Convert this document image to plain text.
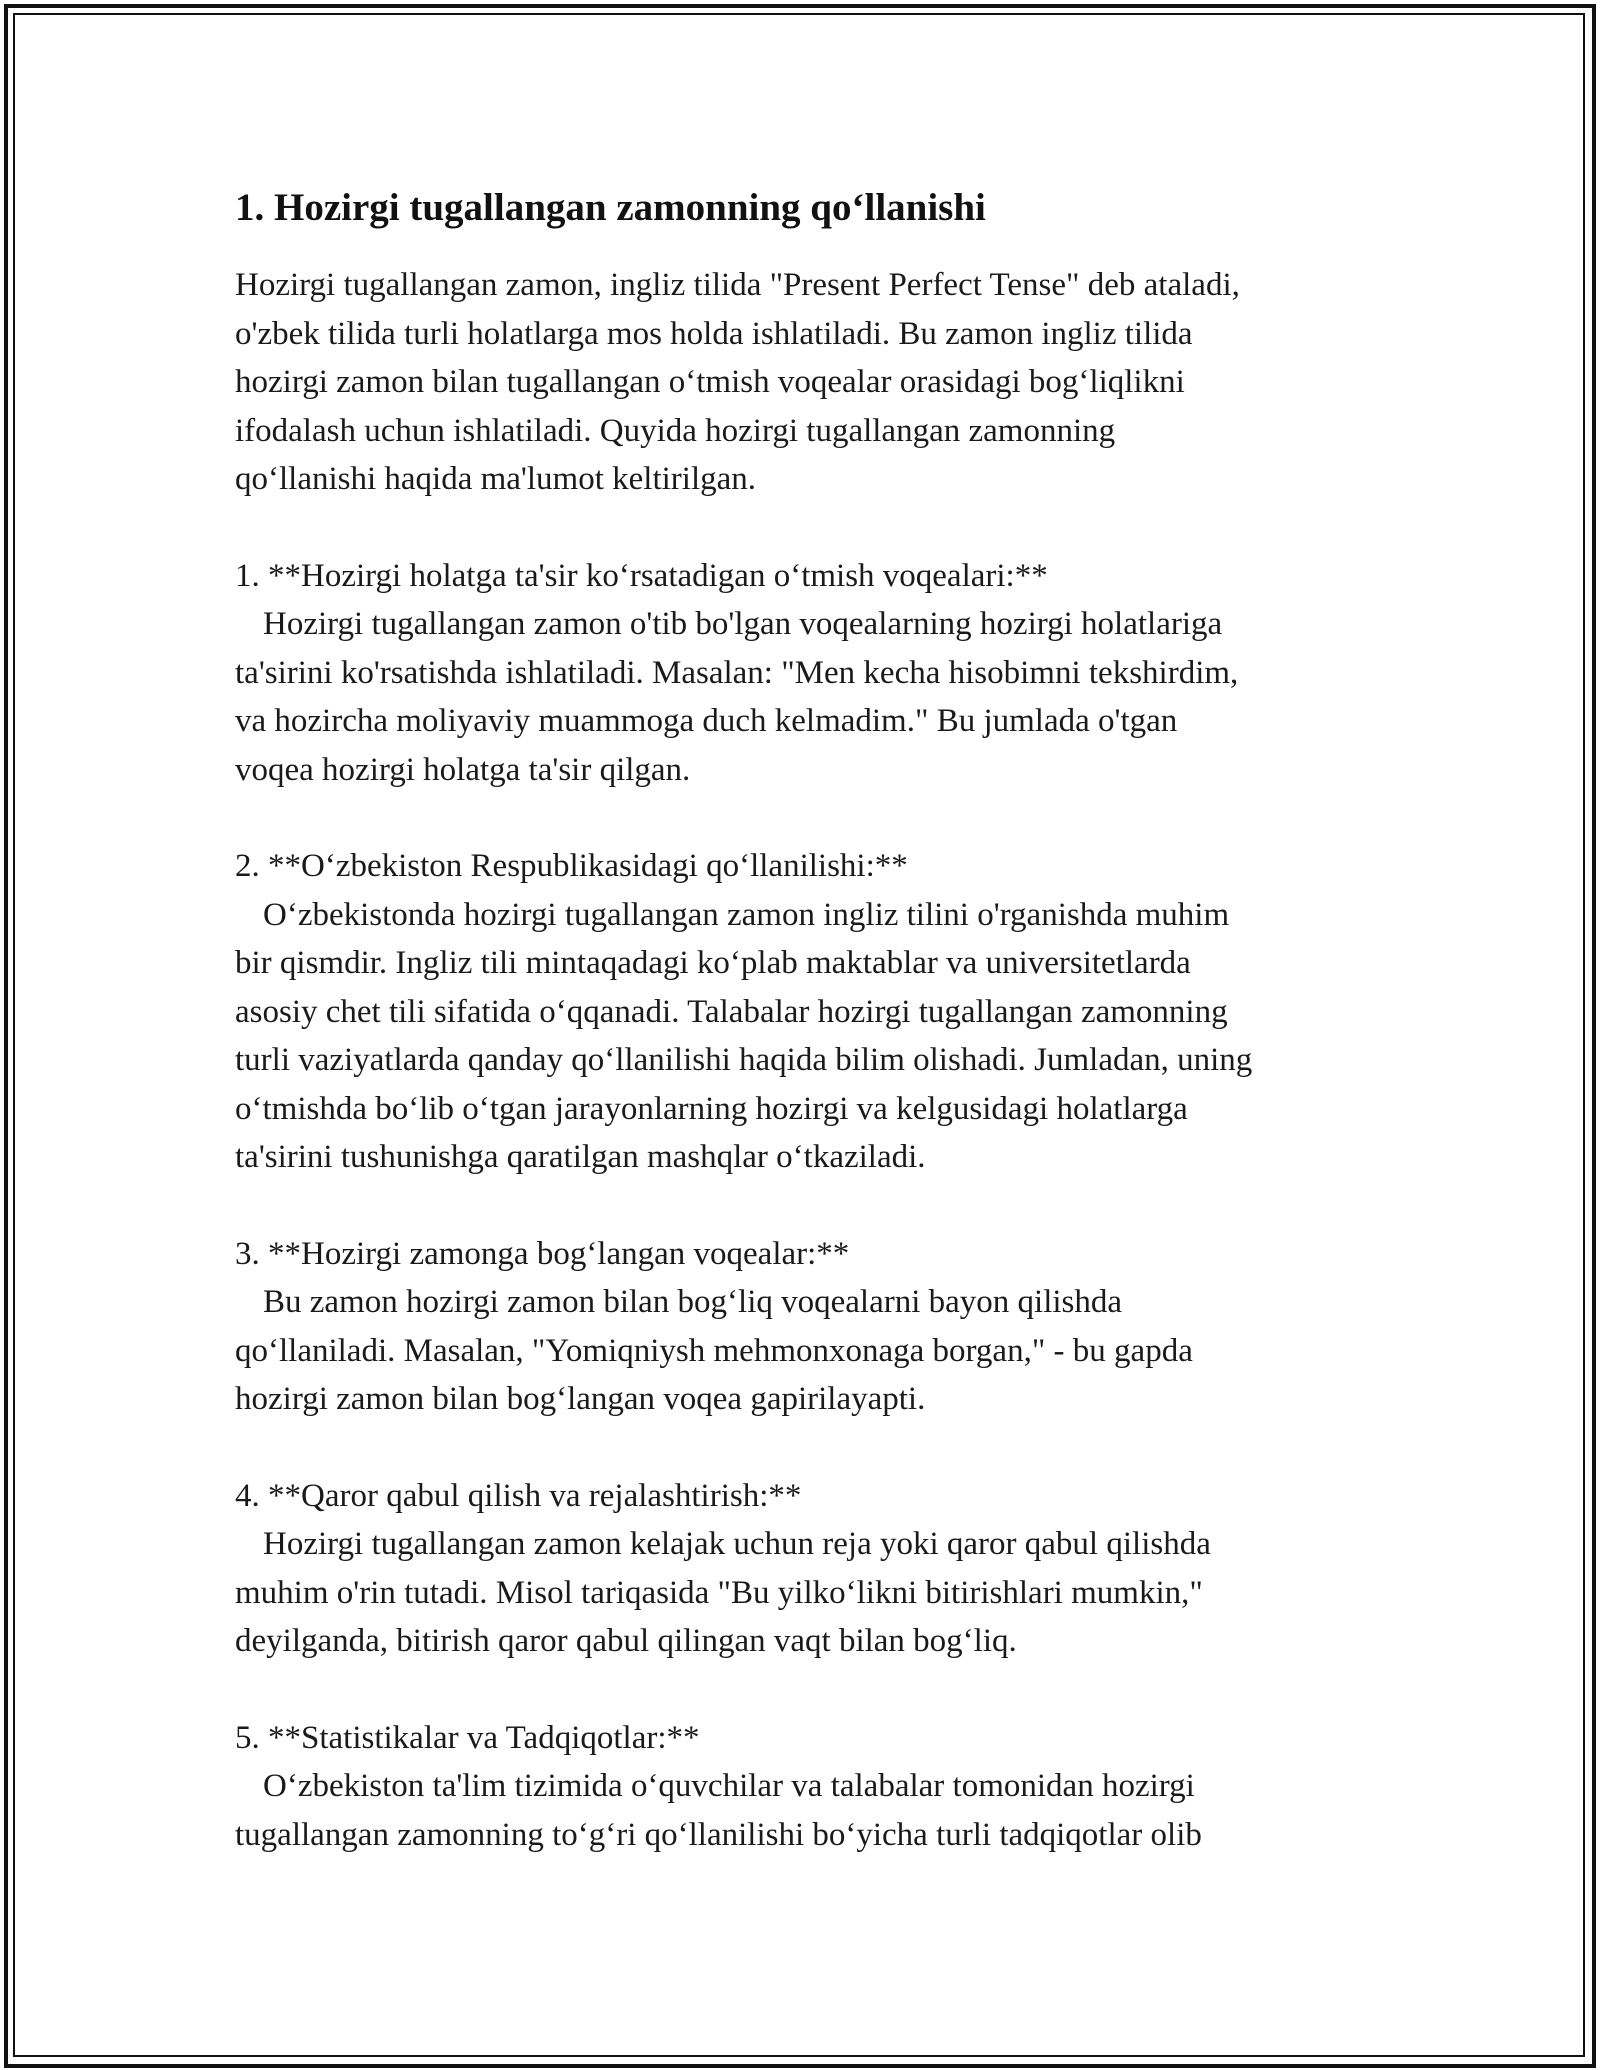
1. Hozirgi tugallangan zamonning qo‘llanishi
Hozirgi tugallangan zamon, ingliz tilida "Present Perfect Tense" deb ataladi,
o'zbek tilida turli holatlarga mos holda ishlatiladi. Bu zamon ingliz tilida
hozirgi zamon bilan tugallangan o‘tmish voqealar orasidagi bog‘liqlikni
ifodalash uchun ishlatiladi. Quyida hozirgi tugallangan zamonning
qo‘llanishi haqida ma'lumot keltirilgan.

1. **Hozirgi holatga ta'sir ko‘rsatadigan o‘tmish voqealari:**

Hozirgi tugallangan zamon o'tib bo'lgan voqealarning hozirgi holatlariga
ta'sirini ko'rsatishda ishlatiladi. Masalan: "Men kecha hisobimni tekshirdim,
va hozircha moliyaviy muammoga duch kelmadim." Bu jumlada o'tgan
voqea hozirgi holatga ta'sir qilgan.

2. **O‘zbekiston Respublikasidagi qo‘llanilishi:**

O‘zbekistonda hozirgi tugallangan zamon ingliz tilini o'rganishda muhim
bir qismdir. Ingliz tili mintaqadagi ko‘plab maktablar va universitetlarda
asosiy chet tili sifatida o‘qqanadi. Talabalar hozirgi tugallangan zamonning
turli vaziyatlarda qanday qo‘llanilishi haqida bilim olishadi. Jumladan, uning
o‘tmishda bo‘lib o‘tgan jarayonlarning hozirgi va kelgusidagi holatlarga
ta'sirini tushunishga qaratilgan mashqlar o‘tkaziladi.

3. **Hozirgi zamonga bog‘langan voqealar:**

Bu zamon hozirgi zamon bilan bog‘liq voqealarni bayon qilishda
qo‘llaniladi. Masalan, "Yomiqniysh mehmonxonaga borgan," - bu gapda
hozirgi zamon bilan bog‘langan voqea gapirilayapti.

4. **Qaror qabul qilish va rejalashtirish:**

Hozirgi tugallangan zamon kelajak uchun reja yoki qaror qabul qilishda
muhim o'rin tutadi. Misol tariqasida "Bu yilko‘likni bitirishlari mumkin,"
deyilganda, bitirish qaror qabul qilingan vaqt bilan bog‘liq.

5. **Statistikalar va Tadqiqotlar:**

O‘zbekiston ta'lim tizimida o‘quvchilar va talabalar tomonidan hozirgi
tugallangan zamonning to‘g‘ri qo‘llanilishi bo‘yicha turli tadqiqotlar olib
